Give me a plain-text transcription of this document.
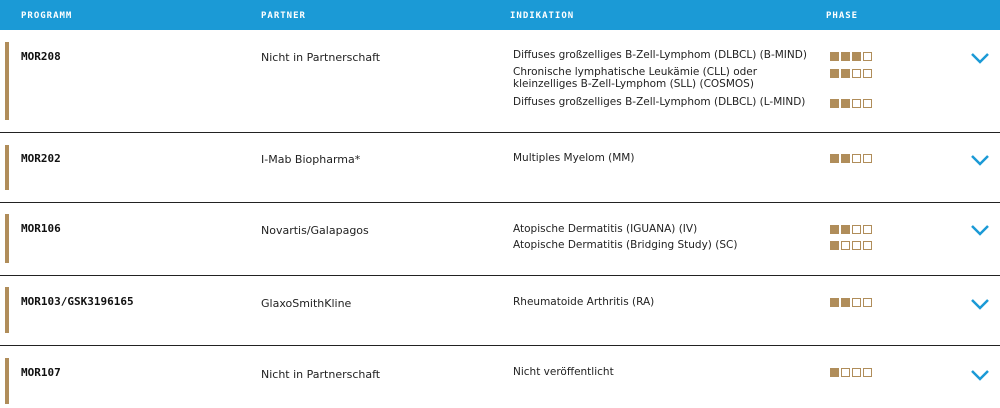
PROGRAMM	PARTNER	INDIKATION	PHASE
MOR208	Nicht in Partnerschaft	Diffuses großzelliges B-Zell-Lymphom (DLBCL) (B-MIND)
Chronische lymphatische Leukämie (CLL) oder kleinzelliges B-Zell-Lymphom (SLL) (COSMOS)
Diffuses großzelliges B-Zell-Lymphom (DLBCL) (L-MIND)
MOR202	I-Mab Biopharma*	Multiples Myelom (MM)
MOR106	Novartis/Galapagos	Atopische Dermatitis (IGUANA) (IV)
Atopische Dermatitis (Bridging Study) (SC)
MOR103/GSK3196165	GlaxoSmithKline	Rheumatoide Arthritis (RA)
MOR107	Nicht in Partnerschaft	Nicht veröffentlicht
